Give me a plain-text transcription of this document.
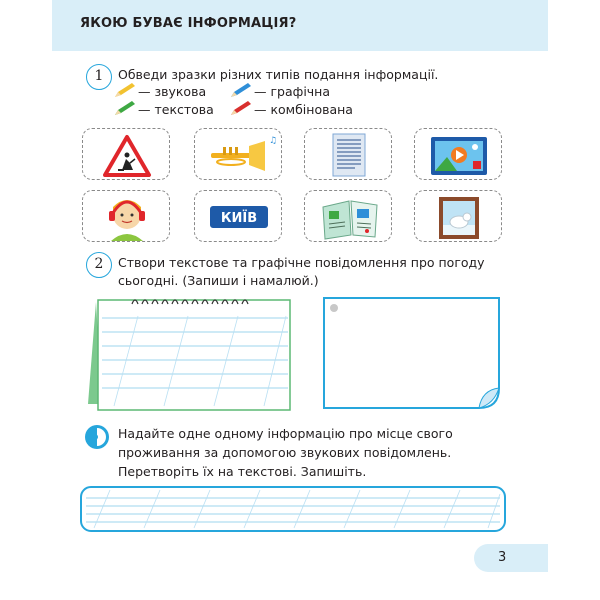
ЯКОЮ БУВАЄ ІНФОРМАЦІЯ?
1	Обведи зразки різних типів подання інформації.
— звукова	— графічна
— текстова	— комбінована
♫
КИЇВ
2	Створи текстове та графічне повідомлення про погоду
сьогодні. (Запиши і намалюй.)
Надайте одне одному інформацію про місце свого
проживання за допомогою звукових повідомлень.
Перетворіть їх на текстові. Запишіть.
3
